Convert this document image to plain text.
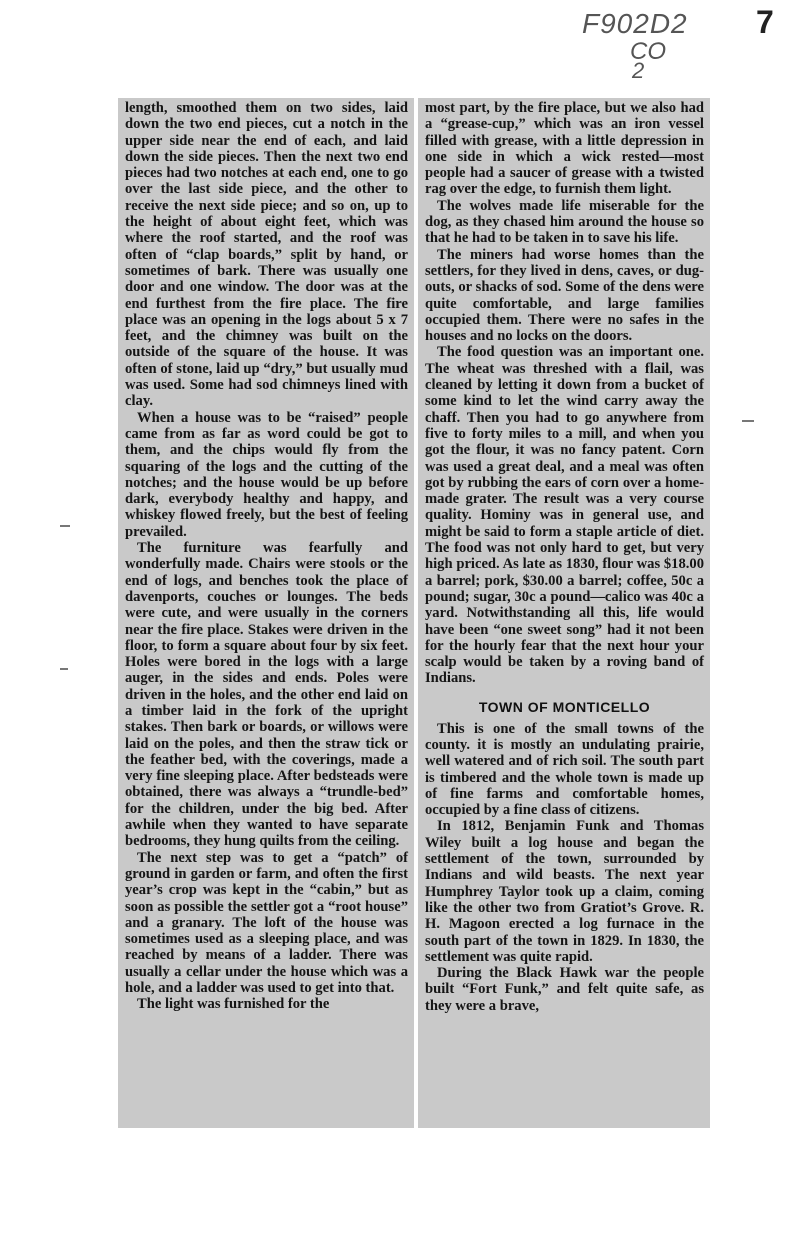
F902D2
CO
2
7

length, smoothed them on two sides, laid down the two end pieces, cut a notch in the upper side near the end of each, and laid down the side pieces. Then the next two end pieces had two notches at each end, one to go over the last side piece, and the other to receive the next side piece; and so on, up to the height of about eight feet, which was where the roof started, and the roof was often of “clap boards,” split by hand, or sometimes of bark. There was usually one door and one window. The door was at the end furthest from the fire place. The fire place was an opening in the logs about 5 x 7 feet, and the chimney was built on the outside of the square of the house. It was often of stone, laid up “dry,” but usually mud was used. Some had sod chimneys lined with clay.

When a house was to be “raised” people came from as far as word could be got to them, and the chips would fly from the squaring of the logs and the cutting of the notches; and the house would be up before dark, everybody healthy and happy, and whiskey flowed freely, but the best of feeling prevailed.

The furniture was fearfully and wonderfully made. Chairs were stools or the end of logs, and benches took the place of davenports, couches or lounges. The beds were cute, and were usually in the corners near the fire place. Stakes were driven in the floor, to form a square about four by six feet. Holes were bored in the logs with a large auger, in the sides and ends. Poles were driven in the holes, and the other end laid on a timber laid in the fork of the upright stakes. Then bark or boards, or willows were laid on the poles, and then the straw tick or the feather bed, with the coverings, made a very fine sleeping place. After bedsteads were obtained, there was always a “trundle-bed” for the children, under the big bed. After awhile when they wanted to have separate bedrooms, they hung quilts from the ceiling.

The next step was to get a “patch” of ground in garden or farm, and often the first year’s crop was kept in the “cabin,” but as soon as possible the settler got a “root house” and a granary. The loft of the house was sometimes used as a sleeping place, and was reached by means of a ladder. There was usually a cellar under the house which was a hole, and a ladder was used to get into that.

The light was furnished for the

most part, by the fire place, but we also had a “grease-cup,” which was an iron vessel filled with grease, with a little depression in one side in which a wick rested—most people had a saucer of grease with a twisted rag over the edge, to furnish them light.

The wolves made life miserable for the dog, as they chased him around the house so that he had to be taken in to save his life.

The miners had worse homes than the settlers, for they lived in dens, caves, or dug-outs, or shacks of sod. Some of the dens were quite comfortable, and large families occupied them. There were no safes in the houses and no locks on the doors.

The food question was an important one. The wheat was threshed with a flail, was cleaned by letting it down from a bucket of some kind to let the wind carry away the chaff. Then you had to go anywhere from five to forty miles to a mill, and when you got the flour, it was no fancy patent. Corn was used a great deal, and a meal was often got by rubbing the ears of corn over a home-made grater. The result was a very course quality. Hominy was in general use, and might be said to form a staple article of diet. The food was not only hard to get, but very high priced. As late as 1830, flour was $18.00 a barrel; pork, $30.00 a barrel; coffee, 50c a pound; sugar, 30c a pound—calico was 40c a yard. Notwithstanding all this, life would have been “one sweet song” had it not been for the hourly fear that the next hour your scalp would be taken by a roving band of Indians.

TOWN OF MONTICELLO

This is one of the small towns of the county. it is mostly an undulating prairie, well watered and of rich soil. The south part is timbered and the whole town is made up of fine farms and comfortable homes, occupied by a fine class of citizens.

In 1812, Benjamin Funk and Thomas Wiley built a log house and began the settlement of the town, surrounded by Indians and wild beasts. The next year Humphrey Taylor took up a claim, coming like the other two from Gratiot’s Grove. R. H. Magoon erected a log furnace in the south part of the town in 1829. In 1830, the settlement was quite rapid.

During the Black Hawk war the people built “Fort Funk,” and felt quite safe, as they were a brave,
